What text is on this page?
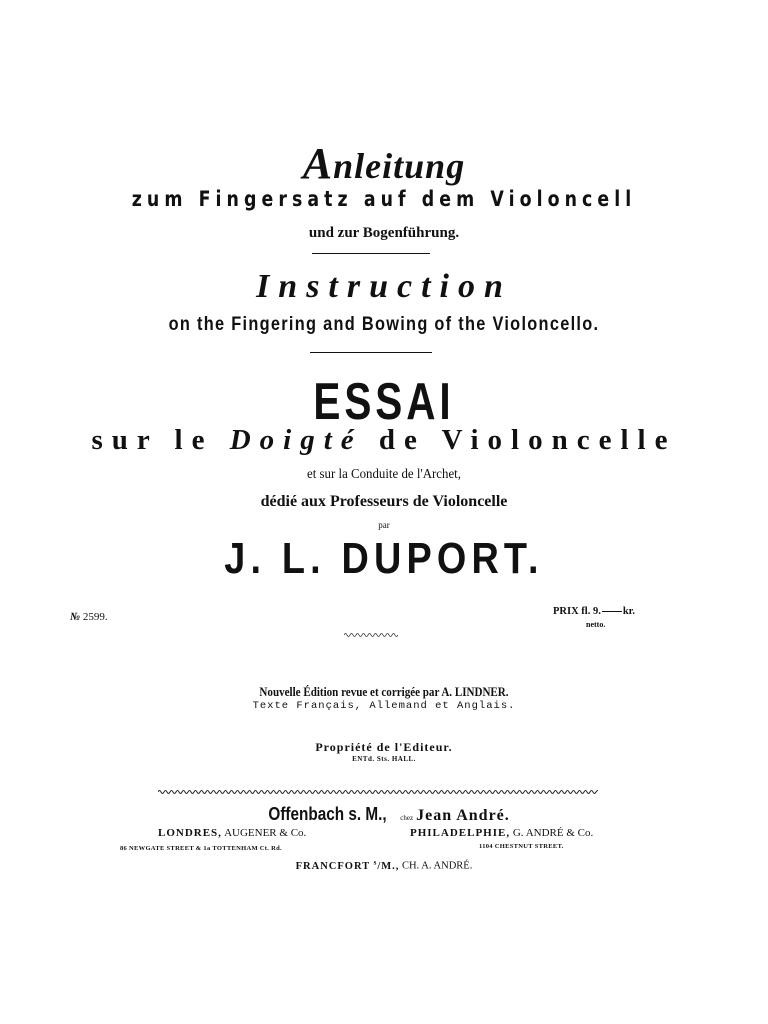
Anleitung
zum Fingersatz auf dem Violoncell
und zur Bogenführung.
Instruction
on the Fingering and Bowing of the Violoncello.
ESSAI
sur le Doigté de Violoncelle
et sur la Conduite de l'Archet,
dédié aux Professeurs de Violoncelle
par
J. L. DUPORT.
№ 2599.	PRIX fl. 9. kr.
netto.
Nouvelle Édition revue et corrigée par A. LINDNER.
Texte Français, Allemand et Anglais.
Propriété de l'Editeur.
ENTd. Sts. HALL.
Offenbach s. M., chez Jean André.
LONDRES, AUGENER & Co.
86 NEWGATE STREET & 1a TOTTENHAM Ct. Rd.
PHILADELPHIE, G. ANDRÉ & Co.
1104 CHESTNUT STREET.
FRANCFORT $^s$/M., CH. A. ANDRÉ.
